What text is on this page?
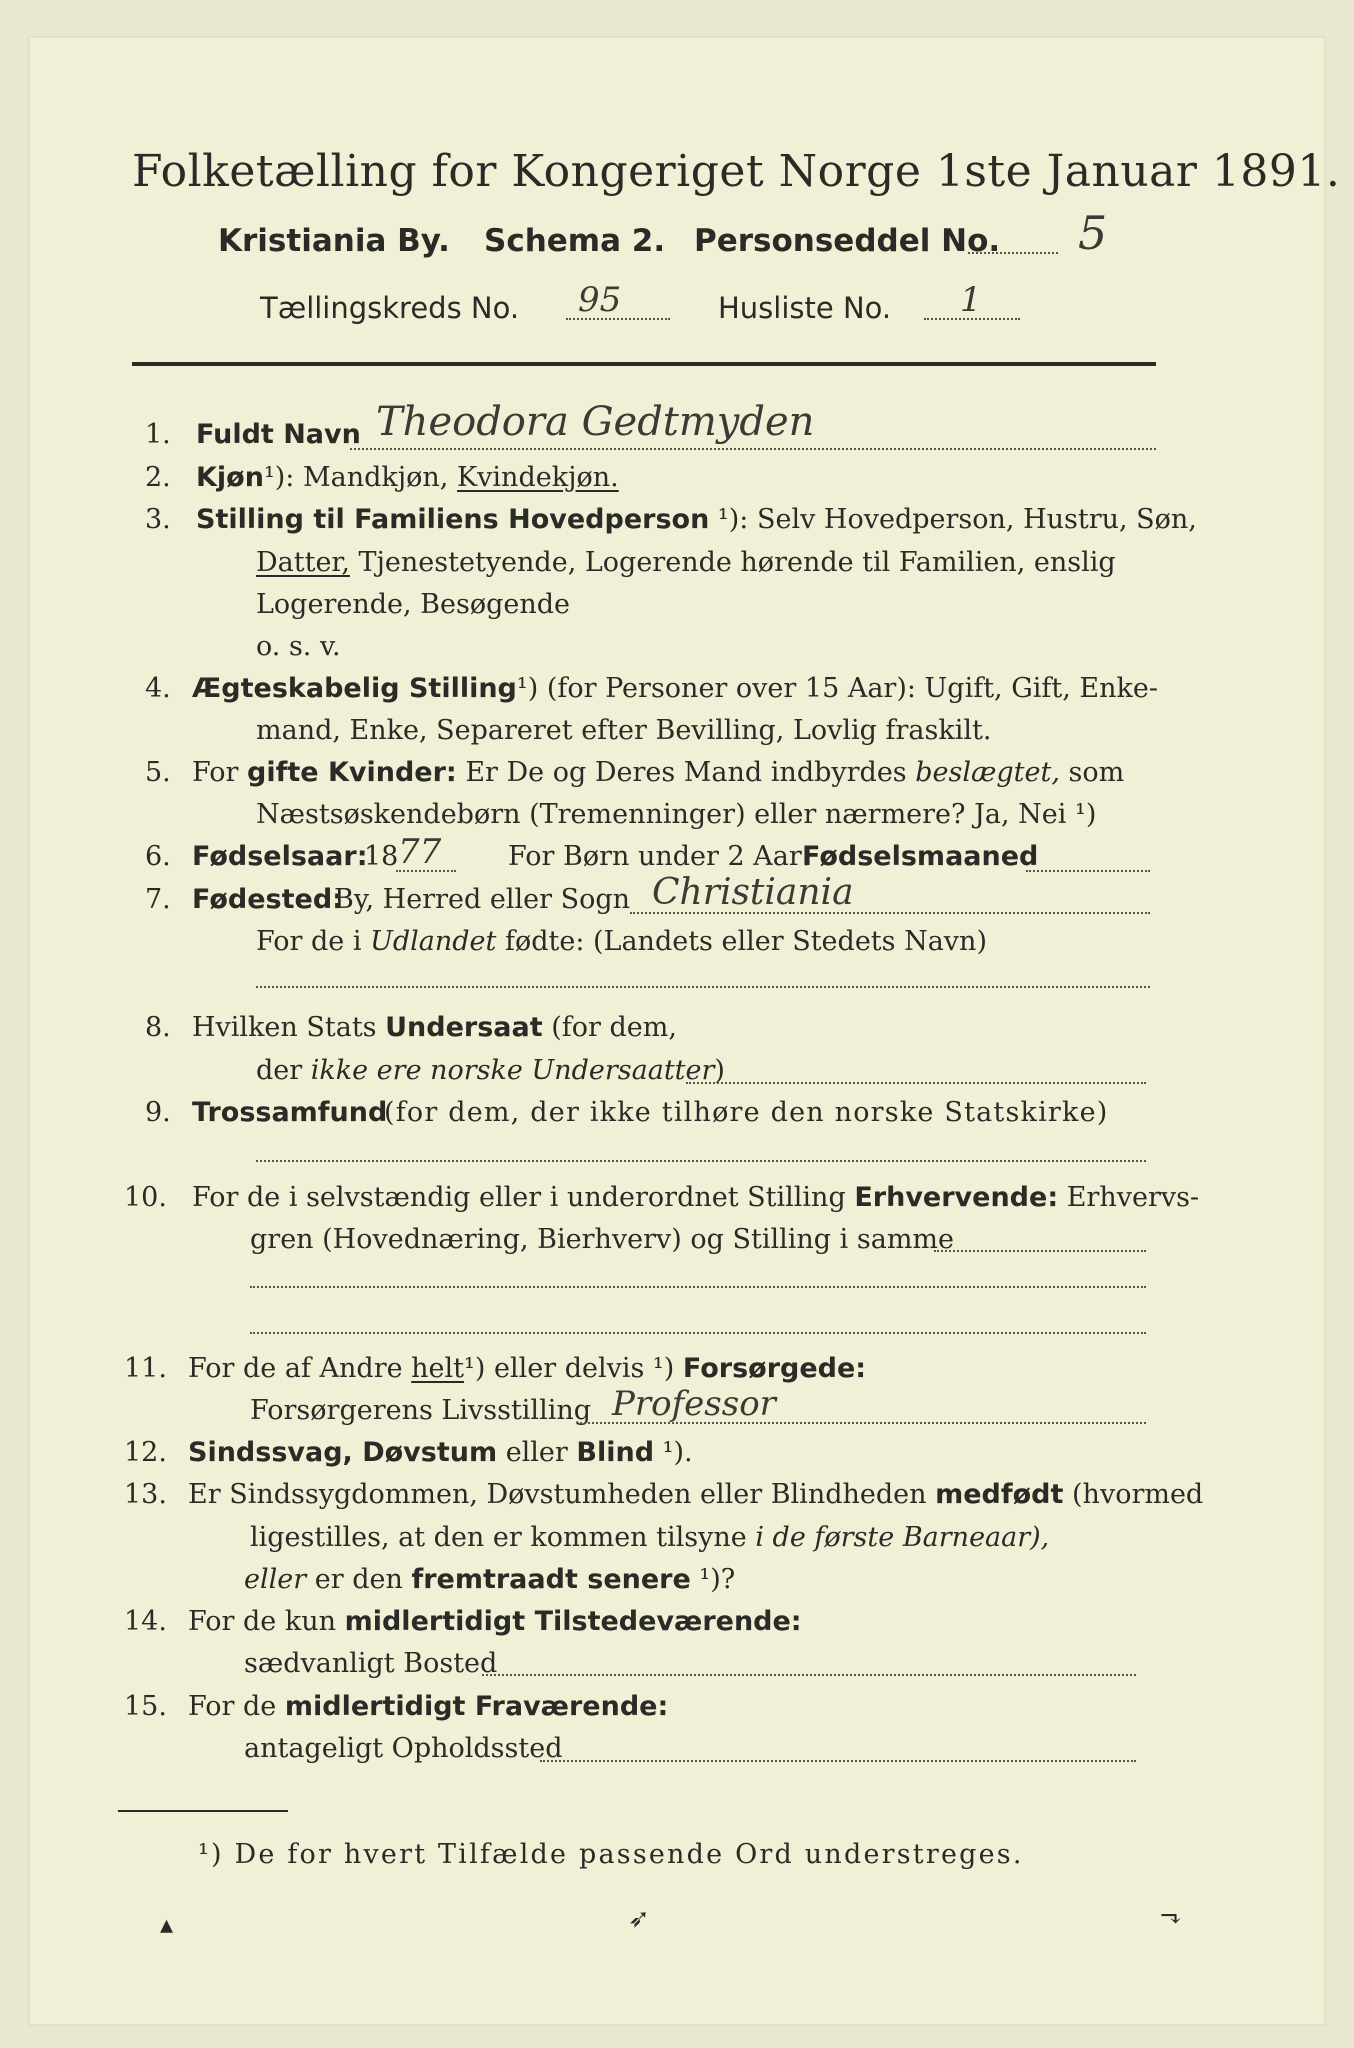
Folketælling for Kongeriget Norge 1ste Januar 1891.
Kristiania By. Schema 2. Personseddel No. 5
Tællingskreds No. 95	Husliste No. 1
1. Fuldt Navn Theodora Gedtmyden
2. Kjøn¹): Mandkjøn, Kvindekjøn.
3. Stilling til Familiens Hovedperson ¹): Selv Hovedperson, Hustru, Søn,
Datter, Tjenestetyende, Logerende hørende til Familien, enslig
Logerende, Besøgende
o. s. v.
4. Ægteskabelig Stilling¹) (for Personer over 15 Aar): Ugift, Gift, Enke-
mand, Enke, Separeret efter Bevilling, Lovlig fraskilt.
5. For gifte Kvinder: Er De og Deres Mand indbyrdes beslægtet, som
Næstsøskendebørn (Tremenninger) eller nærmere? Ja, Nei ¹)
6. Fødselsaar:
18 77 For Børn under 2 Aar:
Fødselsmaaned
7. Fødested:
By, Herred eller Sogn Christiania
For de i Udlandet fødte: (Landets eller Stedets Navn)
8. Hvilken Stats Undersaat (for dem,
der ikke ere norske Undersaatter)
9. Trossamfund
(for dem, der ikke tilhøre den norske Statskirke)
10. For de i selvstændig eller i underordnet Stilling Erhvervende: Erhvervs-
gren (Hovednæring, Bierhverv) og Stilling i samme
11. For de af Andre helt¹) eller delvis ¹) Forsørgede:
Forsørgerens Livsstilling Professor
12. Sindssvag, Døvstum eller Blind ¹).
13. Er Sindssygdommen, Døvstumheden eller Blindheden medfødt (hvormed
ligestilles, at den er kommen tilsyne i de første Barneaar),
eller er den fremtraadt senere ¹)?
14. For de kun midlertidigt Tilstedeværende:
sædvanligt Bosted
15. For de midlertidigt Fraværende:
antageligt Opholdssted
¹) De for hvert Tilfælde passende Ord understreges.
▴	➶	⬎
